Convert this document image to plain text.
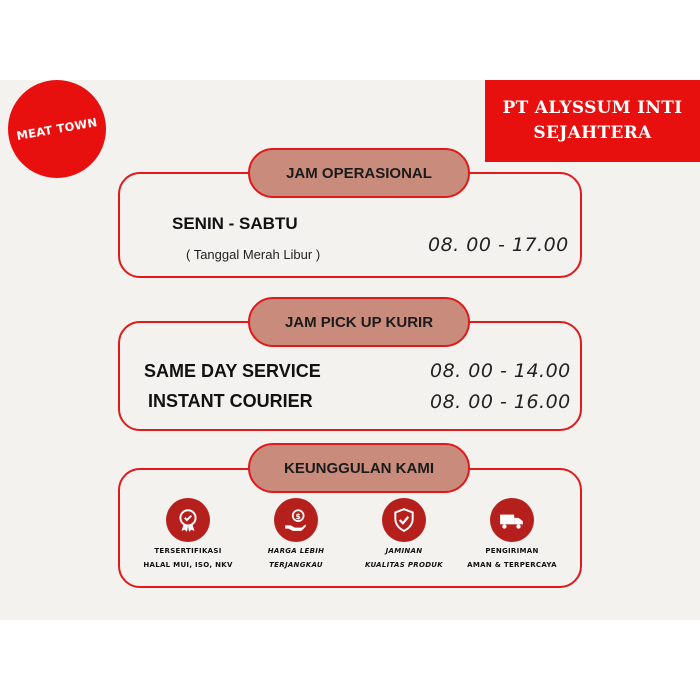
MEAT TOWN
PT ALYSSUM INTI
SEJAHTERA
JAM OPERASIONAL
SENIN - SABTU
( Tanggal Merah Libur )	08. 00 - 17.00
JAM PICK UP KURIR
SAME DAY SERVICE	08. 00 - 14.00
INSTANT COURIER	08. 00 - 16.00
KEUNGGULAN KAMI
TERSERTIFIKASI
HALAL MUI, ISO, NKV
$
HARGA LEBIH
TERJANGKAU
JAMINAN
KUALITAS PRODUK
PENGIRIMAN
AMAN & TERPERCAYA
